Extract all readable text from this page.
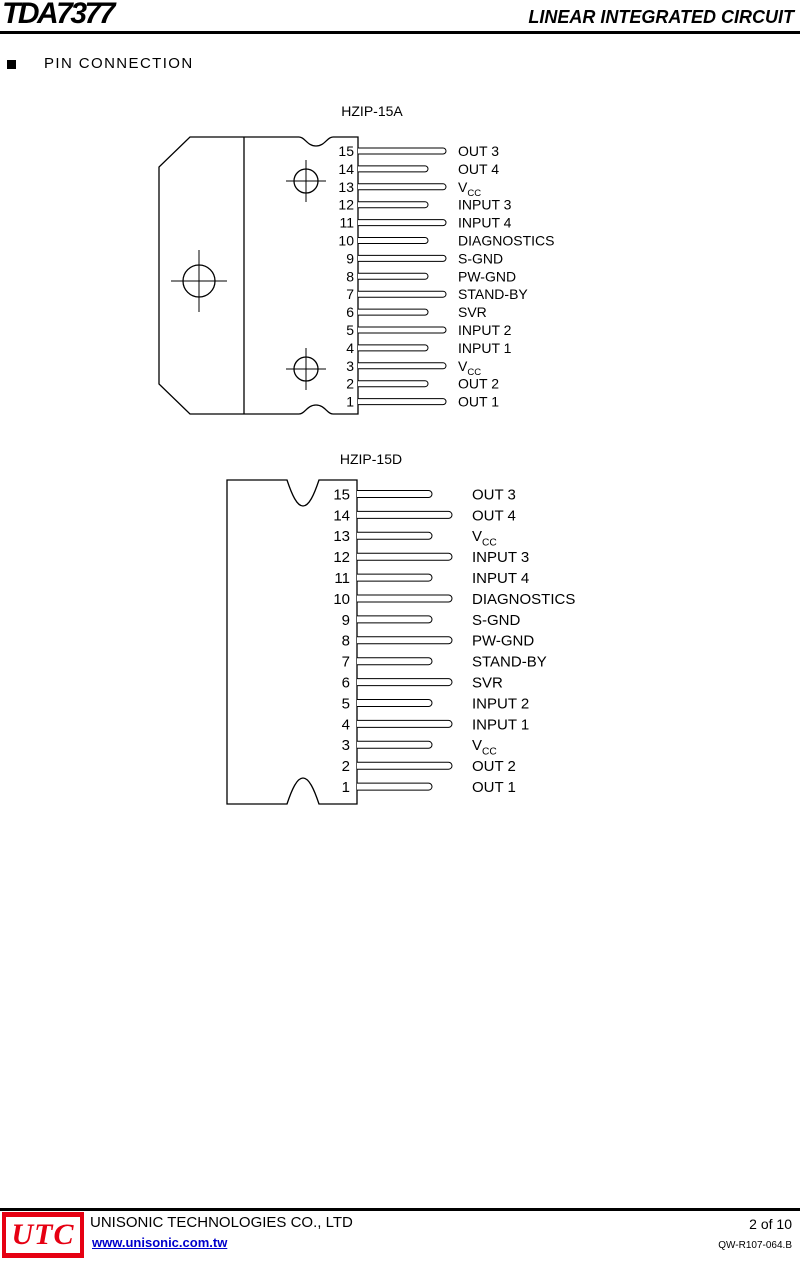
TDA7377	LINEAR INTEGRATED CIRCUIT
PIN CONNECTION
HZIP-15A
15	OUT 3
14	OUT 4
13	$V_{CC}$
12	INPUT 3
11	INPUT 4
10	DIAGNOSTICS
9	S-GND
8	PW-GND
7	STAND-BY
6	SVR
5	INPUT 2
4	INPUT 1
3	$V_{CC}$
2	OUT 2
1	OUT 1
HZIP-15D
15	OUT 3
14	OUT 4
13	$V_{CC}$
12	INPUT 3
11	INPUT 4
10	DIAGNOSTICS
9	S-GND
8	PW-GND
7	STAND-BY
6	SVR
5	INPUT 2
4	INPUT 1
3	$V_{CC}$
2	OUT 2
1	OUT 1
UTC	UNISONIC TECHNOLOGIES CO., LTD
www.unisonic.com.tw
2 of 10
QW-R107-064.B
